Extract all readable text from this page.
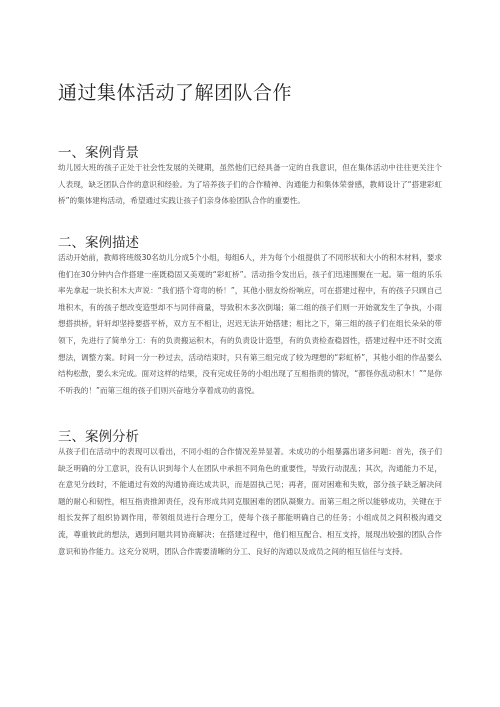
通过集体活动了解团队合作
一、案例背景

幼儿园大班的孩子正处于社会性发展的关键期，虽然他们已经具备一定的自我意识，但在集体活动中往往更关注个人表现，缺乏团队合作的意识和经验。为了培养孩子们的合作精神、沟通能力和集体荣誉感，教师设计了“搭建彩虹桥”的集体建构活动，希望通过实践让孩子们亲身体验团队合作的重要性。

二、案例描述

活动开始前，教师将班级30名幼儿分成5个小组，每组6人，并为每个小组提供了不同形状和大小的积木材料，要求他们在30分钟内合作搭建一座既稳固又美观的“彩虹桥”。活动指令发出后，孩子们迅速围聚在一起。第一组的乐乐率先拿起一块长积木大声说：“我们搭个弯弯的桥！”，其他小朋友纷纷响应，可在搭建过程中，有的孩子只顾自己堆积木，有的孩子想改变造型却不与同伴商量，导致积木多次倒塌；第二组的孩子们则一开始就发生了争执，小雨想搭拱桥，轩轩却坚持要搭平桥，双方互不相让，迟迟无法开始搭建；相比之下，第三组的孩子们在组长朵朵的带领下，先进行了简单分工：有的负责搬运积木，有的负责设计造型，有的负责检查稳固性，搭建过程中还不时交流想法，调整方案。时间一分一秒过去，活动结束时，只有第三组完成了较为理想的“彩虹桥”，其他小组的作品要么结构松散，要么未完成。面对这样的结果，没有完成任务的小组出现了互相指责的情况，“都怪你乱动积木！”“是你不听我的！”而第三组的孩子们则兴奋地分享着成功的喜悦。

三、案例分析

从孩子们在活动中的表现可以看出，不同小组的合作情况差异显著。未成功的小组暴露出诸多问题：首先，孩子们缺乏明确的分工意识，没有认识到每个人在团队中承担不同角色的重要性，导致行动混乱；其次，沟通能力不足，在意见分歧时，不能通过有效的沟通协商达成共识，而是固执己见；再者，面对困难和失败，部分孩子缺乏解决问题的耐心和韧性，相互指责推卸责任，没有形成共同克服困难的团队凝聚力。而第三组之所以能够成功，关键在于组长发挥了组织协调作用，带领组员进行合理分工，使每个孩子都能明确自己的任务；小组成员之间积极沟通交流，尊重彼此的想法，遇到问题共同协商解决；在搭建过程中，他们相互配合、相互支持，展现出较强的团队合作意识和协作能力。这充分说明，团队合作需要清晰的分工、良好的沟通以及成员之间的相互信任与支持。
